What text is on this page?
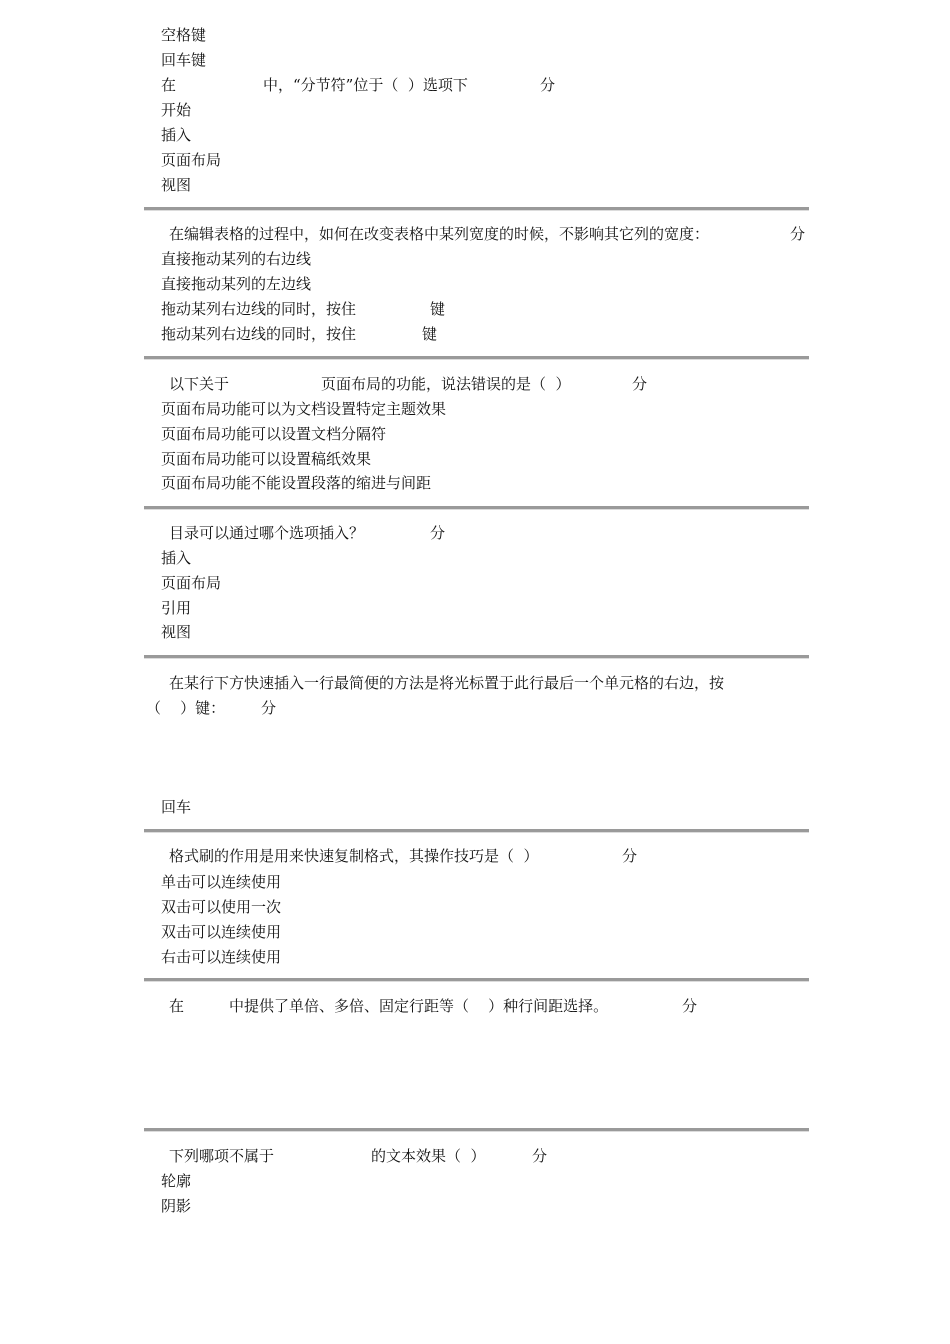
空格键
回车键
在	中，“分节符”位于（  ）选项下	分
开始
插入
页面布局
视图
在编辑表格的过程中，如何在改变表格中某列宽度的时候，不影响其它列的宽度：	分
直接拖动某列的右边线
直接拖动某列的左边线
拖动某列右边线的同时，按住	键
拖动某列右边线的同时，按住	键
以下关于	页面布局的功能，说法错误的是（  ）	分
页面布局功能可以为文档设置特定主题效果
页面布局功能可以设置文档分隔符
页面布局功能可以设置稿纸效果
页面布局功能不能设置段落的缩进与间距
目录可以通过哪个选项插入？	分
插入
页面布局
引用
视图
在某行下方快速插入一行最简便的方法是将光标置于此行最后一个单元格的右边，按
（    ）键： 分
回车
格式刷的作用是用来快速复制格式，其操作技巧是（  ）	分
单击可以连续使用
双击可以使用一次
双击可以连续使用
右击可以连续使用
在	中提供了单倍、多倍、固定行距等（    ）种行间距选择。	分
下列哪项不属于	的文本效果（  ）	分
轮廓
阴影
